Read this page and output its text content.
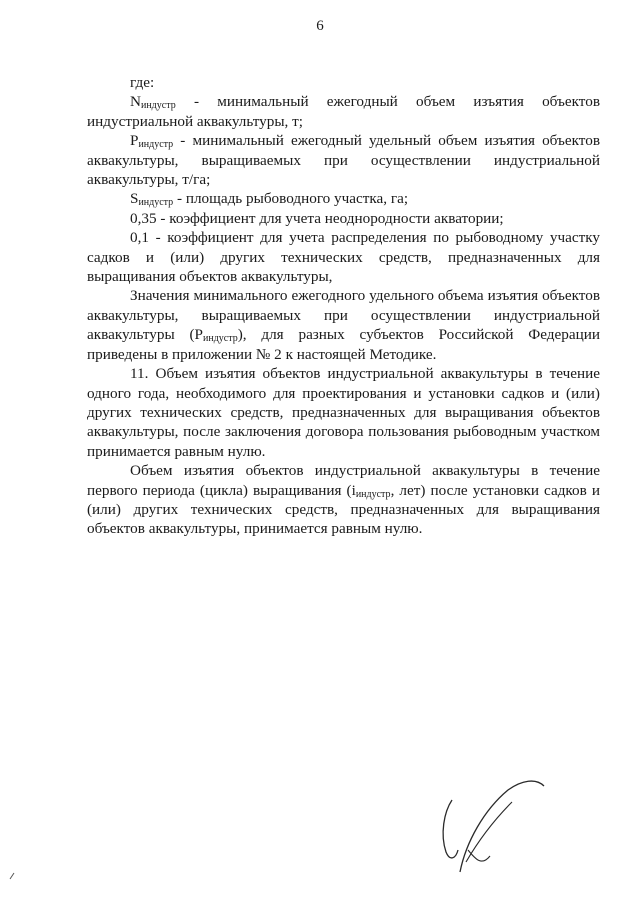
6

где:

$N_{индустр}$ - минимальный ежегодный объем изъятия объектов индустриальной аквакультуры, т;

$P_{индустр}$ - минимальный ежегодный удельный объем изъятия объектов аквакультуры, выращиваемых при осуществлении индустриальной аквакультуры, т/га;

$S_{индустр}$ - площадь рыбоводного участка, га;

0,35 - коэффициент для учета неоднородности акватории;

0,1 - коэффициент для учета распределения по рыбоводному участку садков и (или) других технических средств, предназначенных для выращивания объектов аквакультуры,

Значения минимального ежегодного удельного объема изъятия объектов аквакультуры, выращиваемых при осуществлении индустриальной аквакультуры $(P_{индустр})$, для разных субъектов Российской Федерации приведены в приложении № 2 к настоящей Методике.

11. Объем изъятия объектов индустриальной аквакультуры в течение одного года, необходимого для проектирования и установки садков и (или) других технических средств, предназначенных для выращивания объектов аквакультуры, после заключения договора пользования рыбоводным участком принимается равным нулю.

Объем изъятия объектов индустриальной аквакультуры в течение первого периода (цикла) выращивания ($i_{индустр}$, лет) после установки садков и (или) других технических средств, предназначенных для выращивания объектов аквакультуры, принимается равным нулю.
